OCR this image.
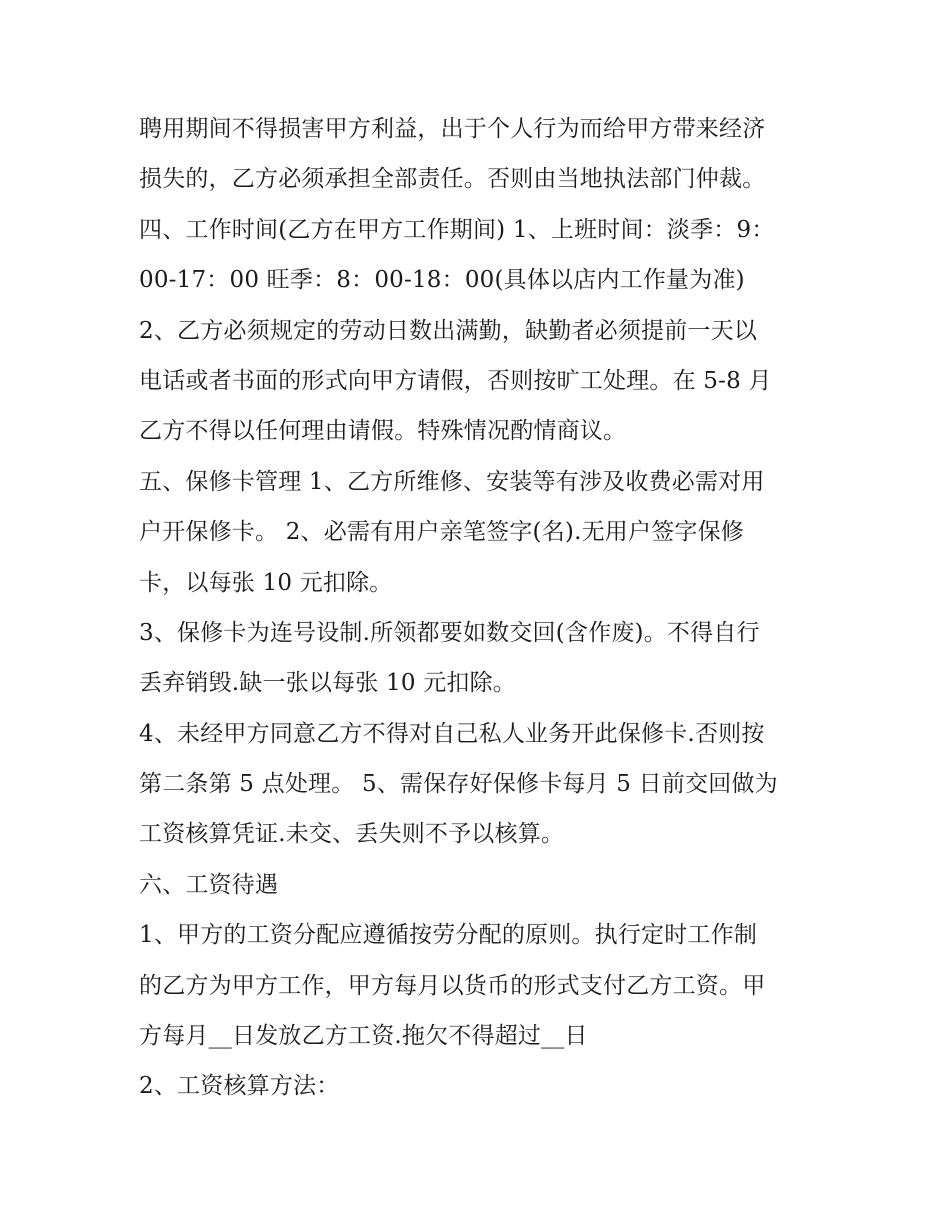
聘用期间不得损害甲方利益，出于个人行为而给甲方带来经济
损失的，乙方必须承担全部责任。否则由当地执法部门仲裁。
四、工作时间(乙方在甲方工作期间) 1、上班时间：淡季：9：
00-17：00 旺季：8：00-18：00(具体以店内工作量为准)
2、乙方必须规定的劳动日数出满勤，缺勤者必须提前一天以
电话或者书面的形式向甲方请假，否则按旷工处理。在 5-8 月
乙方不得以任何理由请假。特殊情况酌情商议。
五、保修卡管理 1、乙方所维修、安装等有涉及收费必需对用
户开保修卡。 2、必需有用户亲笔签字(名).无用户签字保修
卡，以每张 10 元扣除。
3、保修卡为连号设制.所领都要如数交回(含作废)。不得自行
丢弃销毁.缺一张以每张 10 元扣除。
4、未经甲方同意乙方不得对自己私人业务开此保修卡.否则按
第二条第 5 点处理。 5、需保存好保修卡每月 5 日前交回做为
工资核算凭证.未交、丢失则不予以核算。
六、工资待遇
1、甲方的工资分配应遵循按劳分配的原则。执行定时工作制
的乙方为甲方工作，甲方每月以货币的形式支付乙方工资。甲
方每月__日发放乙方工资.拖欠不得超过__日
2、工资核算方法：
